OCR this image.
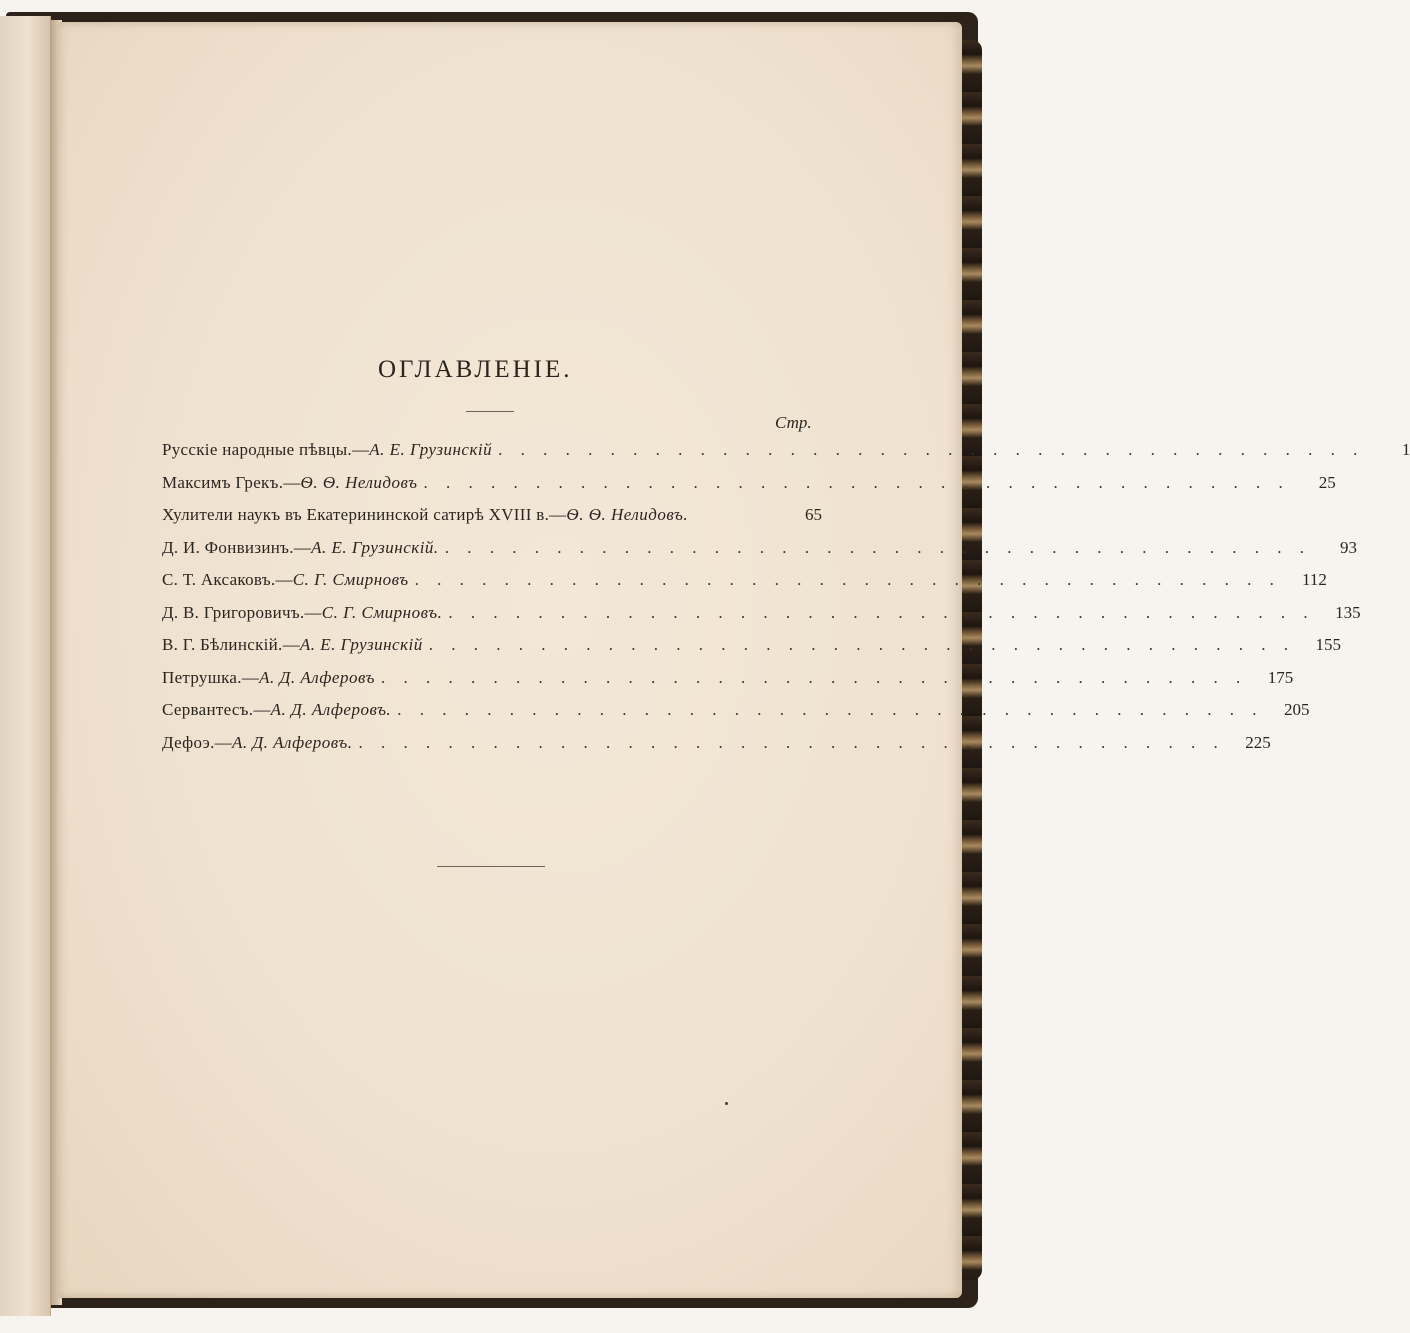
ОГЛАВЛЕНIЕ.
Стр.
Русскiе народные пѣвцы.— А. Е. Грузинскiй . . . . . . . . . . . . . . . . . . . . . . . . . . . . . . . . . . . . . . .	1
Максимъ Грекъ.— Ѳ. Ѳ. Нелидовъ . . . . . . . . . . . . . . . . . . . . . . . . . . . . . . . . . . . . . . .	25
Хулители наукъ въ Екатерининской сатирѣ XVIII в.— Ѳ. Ѳ. Нелидовъ.	65
Д. И. Фонвизинъ.— А. Е. Грузинскiй. . . . . . . . . . . . . . . . . . . . . . . . . . . . . . . . . . . . . . . .	93
С. Т. Аксаковъ.— С. Г. Смирновъ . . . . . . . . . . . . . . . . . . . . . . . . . . . . . . . . . . . . . . .	112
Д. В. Григоровичъ.— С. Г. Смирновъ. . . . . . . . . . . . . . . . . . . . . . . . . . . . . . . . . . . . . . . .	135
В. Г. Бѣлинскiй.— А. Е. Грузинскiй . . . . . . . . . . . . . . . . . . . . . . . . . . . . . . . . . . . . . . .	155
Петрушка.— А. Д. Алферовъ . . . . . . . . . . . . . . . . . . . . . . . . . . . . . . . . . . . . . . .	175
Сервантесъ.— А. Д. Алферовъ. . . . . . . . . . . . . . . . . . . . . . . . . . . . . . . . . . . . . . . .	205
Дефоэ.— А. Д. Алферовъ. . . . . . . . . . . . . . . . . . . . . . . . . . . . . . . . . . . . . . . .	225
